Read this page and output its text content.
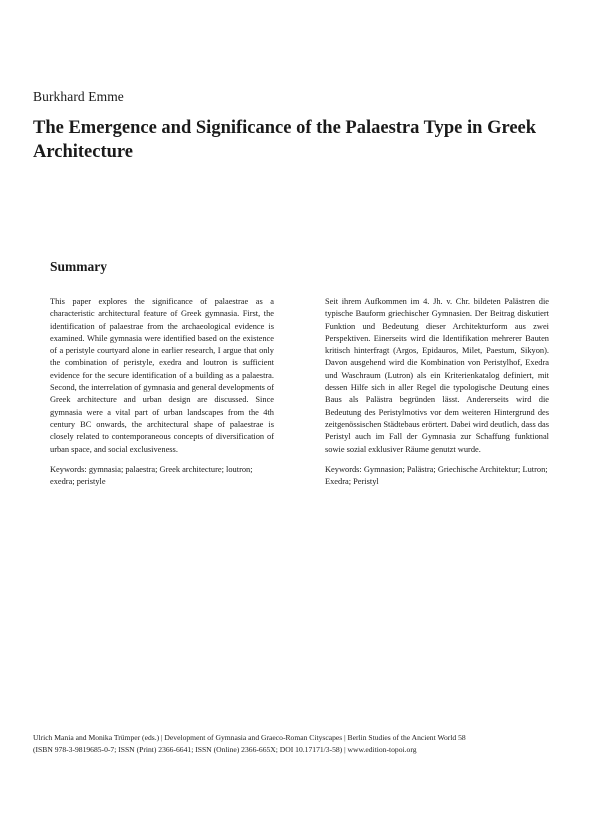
Burkhard Emme
The Emergence and Significance of the Palaestra Type in Greek Architecture
Summary

This paper explores the significance of palaestrae as a characteristic architectural feature of Greek gymnasia. First, the identification of palaestrae from the archaeological evidence is examined. While gymnasia were identified based on the existence of a peristyle courtyard alone in earlier research, I argue that only the combination of peristyle, exedra and loutron is sufficient evidence for the secure identification of a building as a palaestra. Second, the interrelation of gymnasia and general developments of Greek architecture and urban design are discussed. Since gymnasia were a vital part of urban landscapes from the 4th century BC onwards, the architectural shape of palaestrae is closely related to contemporaneous concepts of diversification of urban space, and social exclusiveness.

Keywords: gymnasia; palaestra; Greek architecture; loutron; exedra; peristyle

Seit ihrem Aufkommen im 4. Jh. v. Chr. bildeten Palästren die typische Bauform griechischer Gymnasien. Der Beitrag diskutiert Funktion und Bedeutung dieser Architekturform aus zwei Perspektiven. Einerseits wird die Identifikation mehrerer Bauten kritisch hinterfragt (Argos, Epidauros, Milet, Paestum, Sikyon). Davon ausgehend wird die Kombination von Peristylhof, Exedra und Waschraum (Lutron) als ein Kriterienkatalog definiert, mit dessen Hilfe sich in aller Regel die typologische Deutung eines Baus als Palästra begründen lässt. Andererseits wird die Bedeutung des Peristylmotivs vor dem weiteren Hintergrund des zeitgenössischen Städtebaus erörtert. Dabei wird deutlich, dass das Peristyl auch im Fall der Gymnasia zur Schaffung funktional sowie sozial exklusiver Räume genutzt wurde.

Keywords: Gymnasion; Palästra; Griechische Architektur; Lutron; Exedra; Peristyl

Ulrich Mania and Monika Trümper (eds.) | Development of Gymnasia and Graeco-Roman Cityscapes | Berlin Studies of the Ancient World 58
(ISBN 978-3-9819685-0-7; ISSN (Print) 2366-6641; ISSN (Online) 2366-665X; DOI 10.17171/3-58) | www.edition-topoi.org
